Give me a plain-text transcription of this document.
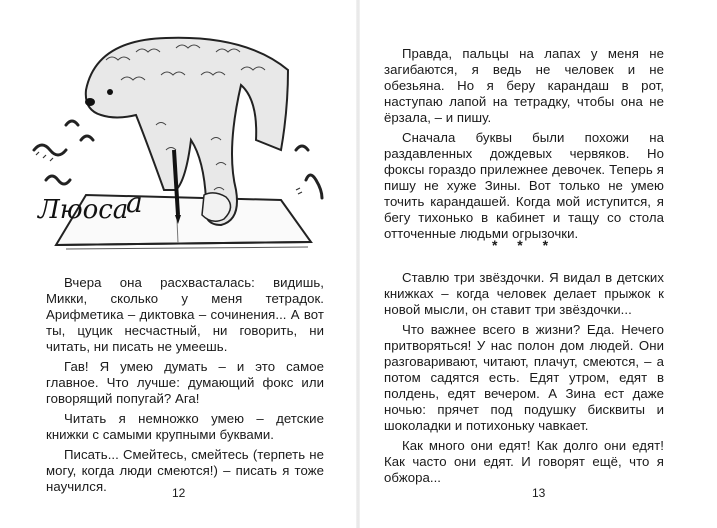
Люоса
а

Вчера она расхвасталась: видишь, Микки, сколько у меня тетрадок. Арифметика – диктовка – сочинения... А вот ты, цуцик несчастный, ни говорить, ни читать, ни писать не умеешь.

Гав! Я умею думать – и это самое главное. Что лучше: думающий фокс или говорящий попугай? Ага!

Читать я немножко умею – детские книжки с самыми крупными буквами.

Писать... Смейтесь, смейтесь (терпеть не могу, когда люди смеются!) – писать я тоже научился.	12

Правда, пальцы на лапах у меня не загибаются, я ведь не человек и не обезьяна. Но я беру карандаш в рот, наступаю лапой на тетрадку, чтобы она не ёрзала, – и пишу.

Сначала буквы были похожи на раздавленных дождевых червяков. Но фоксы гораздо прилежнее девочек. Теперь я пишу не хуже Зины. Вот только не умею точить карандашей. Когда мой иступится, я бегу тихонько в кабинет и тащу со стола отточенные людьми огрызочки.

* * *

Ставлю три звёздочки. Я видал в детских книжках – когда человек делает прыжок к новой мысли, он ставит три звёздочки...

Что важнее всего в жизни? Еда. Нечего притворяться! У нас полон дом людей. Они разговаривают, читают, плачут, смеются, – а потом садятся есть. Едят утром, едят в полдень, едят вечером. А Зина ест даже ночью: прячет под подушку бисквиты и шоколадки и потихоньку чавкает.

Как много они едят! Как долго они едят! Как часто они едят. И говорят ещё, что я обжора...

13
